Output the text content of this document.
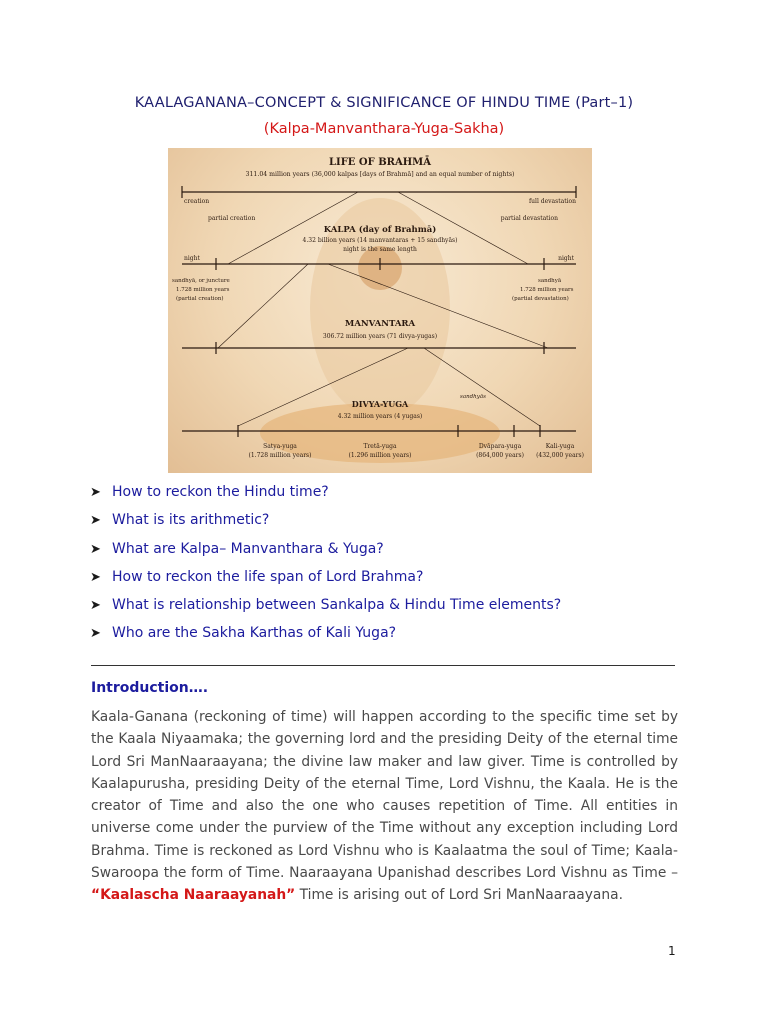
KAALAGANANA–CONCEPT & SIGNIFICANCE OF HINDU TIME (Part–1)
(Kalpa-Manvanthara-Yuga-Sakha)
LIFE OF BRAHMĀ
311.04 million years (36,000 kalpas [days of Brahmā] and an equal number of nights)
creation	full devastation
partial creation	partial devastation
KALPA (day of Brahmā)
4.32 billion years (14 manvantaras + 15 sandhyās)
night is the same length
night	night
sandhyā, or juncture
1.728 million years
(partial creation)
sandhyā
1.728 million years
(partial devastation)
MANVANTARA
306.72 million years (71 divya-yugas)
DIVYA-YUGA
4.32 million years (4 yugas)
sandhyās
Satya-yuga
(1.728 million years)
Tretā-yuga
(1.296 million years)
Dvāpara-yuga
(864,000 years)
Kali-yuga
(432,000 years)
➤ How to reckon the Hindu time?
➤ What is its arithmetic?
➤ What are Kalpa– Manvanthara & Yuga?
➤ How to reckon the life span of Lord Brahma?
➤ What is relationship between Sankalpa & Hindu Time elements?
➤ Who are the Sakha Karthas of Kali Yuga?
Introduction….

Kaala-Ganana (reckoning of time) will happen according to the specific time set by the Kaala Niyaamaka; the governing lord and the presiding Deity of the eternal time Lord Sri ManNaaraayana; the divine law maker and law giver. Time is controlled by Kaalapurusha, presiding Deity of the eternal Time, Lord Vishnu, the Kaala. He is the creator of Time and also the one who causes repetition of Time. All entities in universe come under the purview of the Time without any exception including Lord Brahma. Time is reckoned as Lord Vishnu who is Kaalaatma the soul of Time; Kaala-Swaroopa the form of Time. Naaraayana Upanishad describes Lord Vishnu as Time – “Kaalascha Naaraayanah” Time is arising out of Lord Sri ManNaaraayana.

1
